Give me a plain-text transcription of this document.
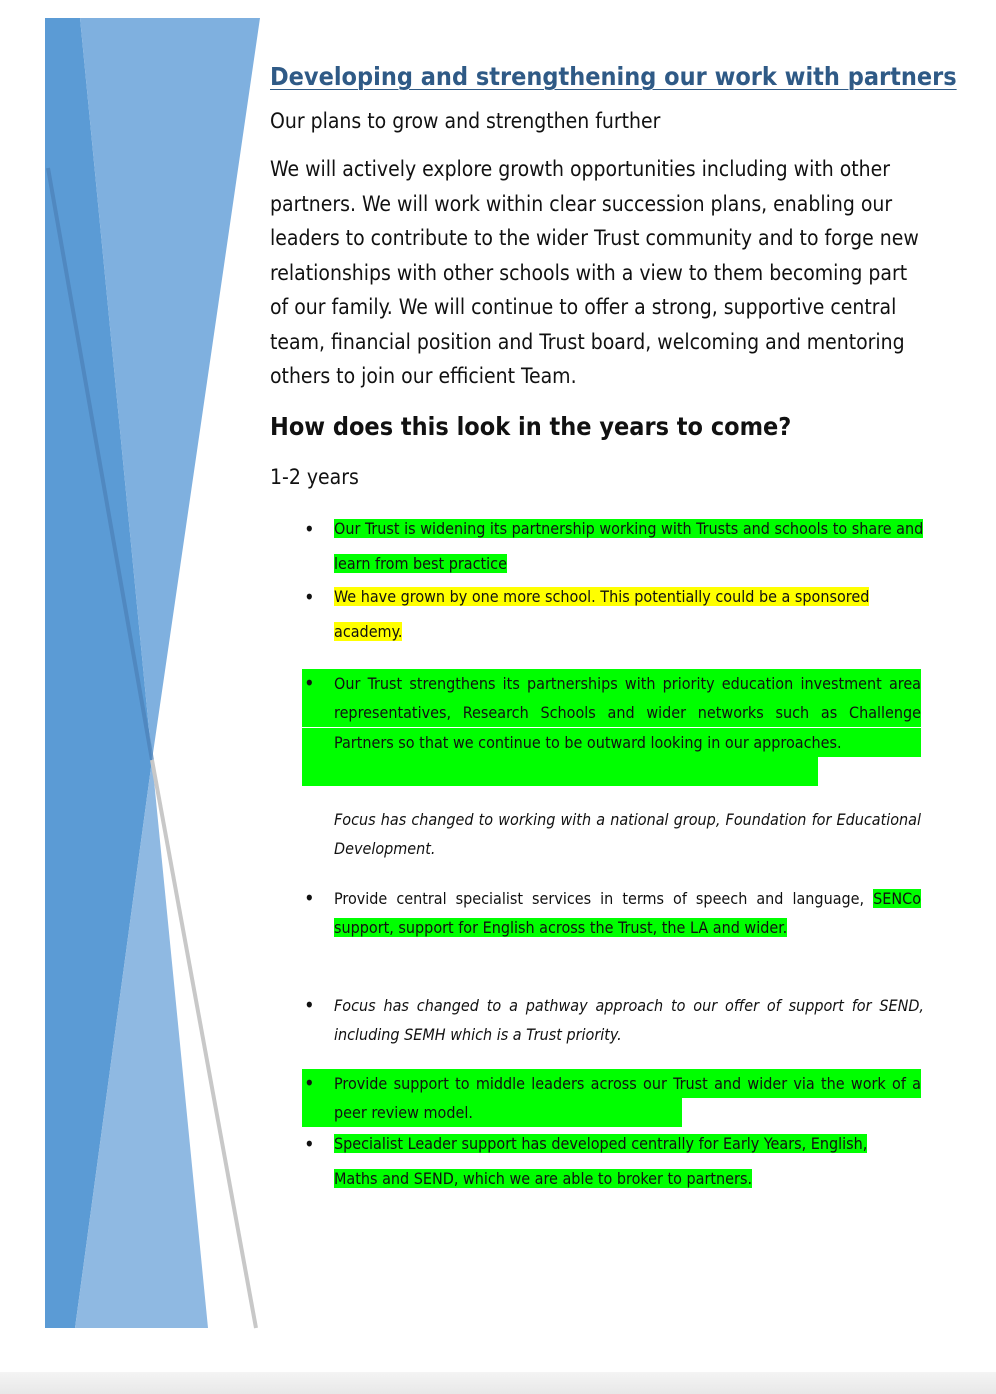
Developing and strengthening our work with partners

Our plans to grow and strengthen further

We will actively explore growth opportunities including with other partners. We will work within clear succession plans, enabling our leaders to contribute to the wider Trust community and to forge new relationships with other schools with a view to them becoming part of our family. We will continue to offer a strong, supportive central team, financial position and Trust board, welcoming and mentoring others to join our efficient Team.

How does this look in the years to come?

1-2 years

• Our Trust is widening its partnership working with Trusts and schools to share and learn from best practice
• We have grown by one more school. This potentially could be a sponsored academy.
• Our Trust strengthens its partnerships with priority education investment area representatives, Research Schools and wider networks such as Challenge Partners so that we continue to be outward looking in our approaches.
Focus has changed to working with a national group, Foundation for Educational Development.
• Provide central specialist services in terms of speech and language, SENCo support, support for English across the Trust, the LA and wider.
• Focus has changed to a pathway approach to our offer of support for SEND, including SEMH which is a Trust priority.
• Provide support to middle leaders across our Trust and wider via the work of a peer review model.
• Specialist Leader support has developed centrally for Early Years, English, Maths and SEND, which we are able to broker to partners.
